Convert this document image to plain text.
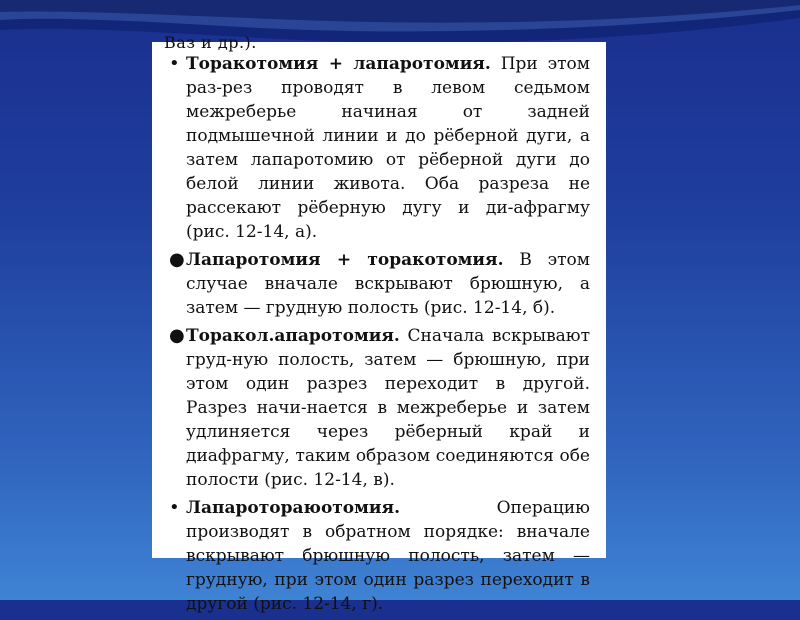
Ваз и др.).

• Торакотомия + лапаротомия. При этом раз-рез проводят в левом седьмом межреберье начиная от задней подмышечной линии и до рёберной дуги, а затем лапаротомию от рёберной дуги до белой линии живота. Оба разреза не рассекают рёберную дугу и ди-афрагму (рис. 12-14, а).

● Лапаротомия + торакотомия. В этом случае вначале вскрывают брюшную, а затем — грудную полость (рис. 12-14, б).

● Торакол.апаротомия. Сначала вскрывают груд-ную полость, затем — брюшную, при этом один разрез переходит в другой. Разрез начи-нается в межреберье и затем удлиняется через рёберный край и диафрагму, таким образом соединяются обе полости (рис. 12-14, в).

• Лапаротораюотомия.	Операцию производят в обратном порядке: вначале вскрывают брюшную полость, затем — грудную, при этом один разрез переходит в другой (рис. 12-14, г).
